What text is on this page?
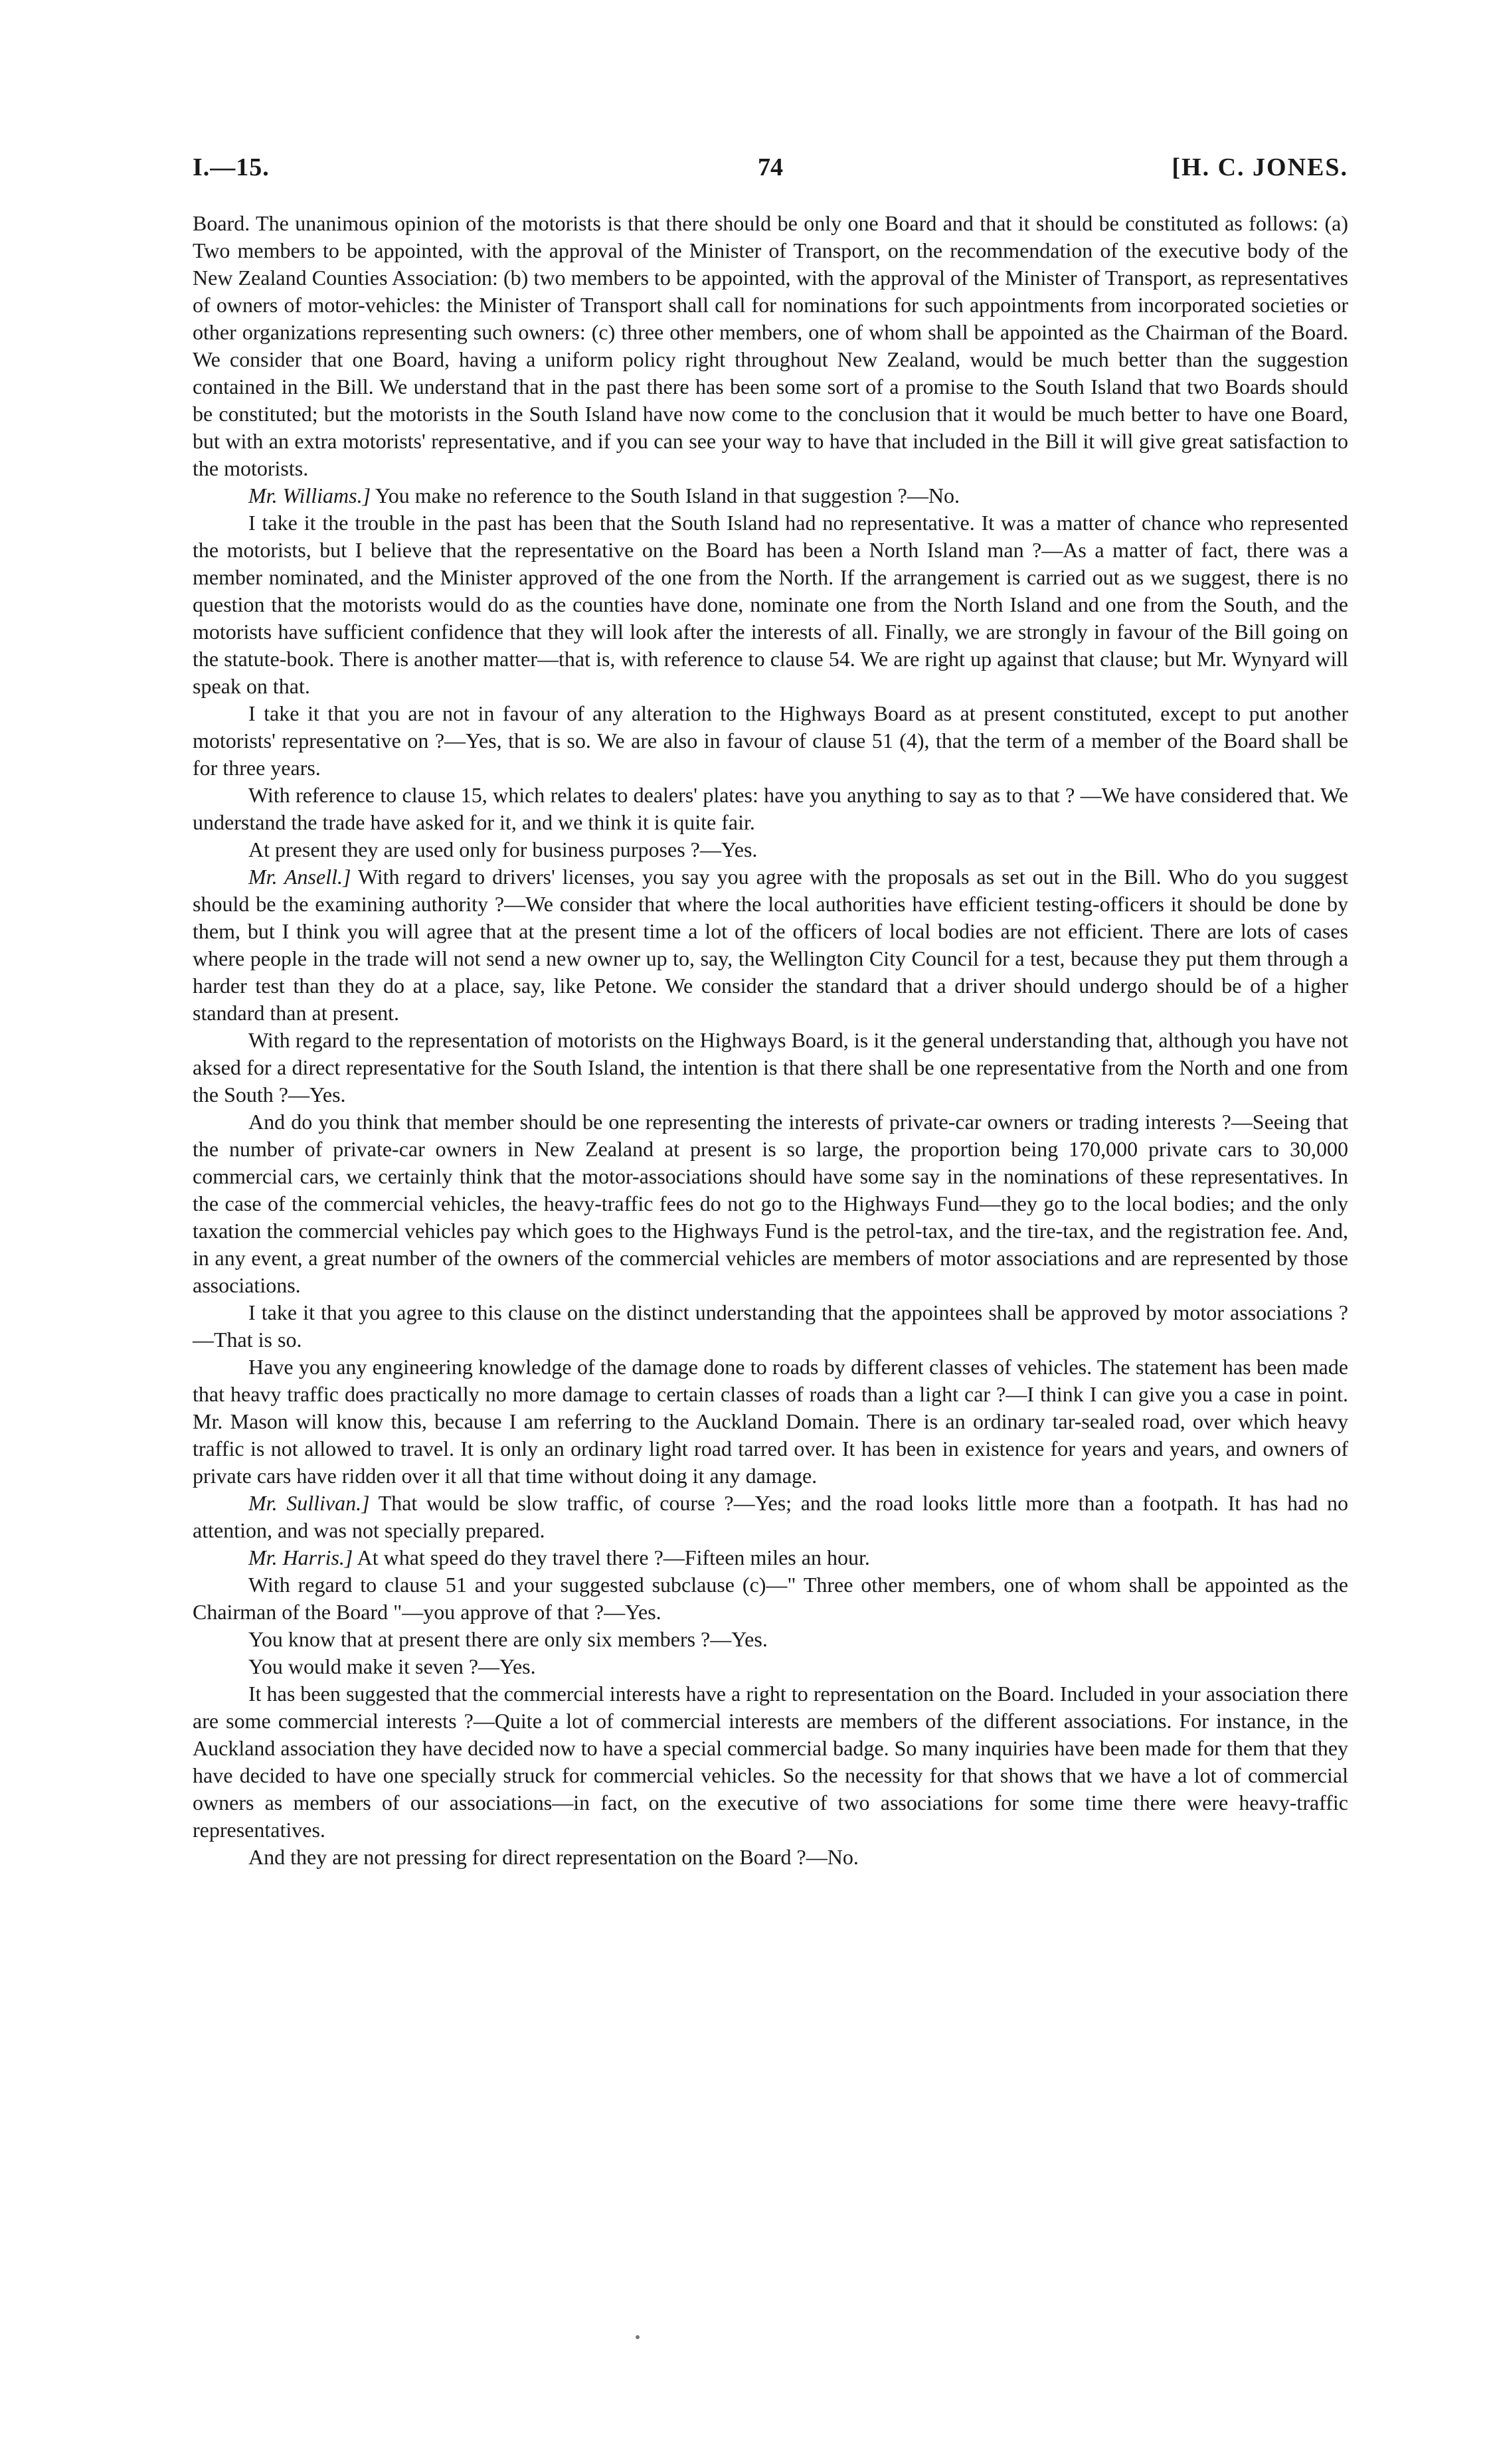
I.—15.	74	[H. C. JONES.

Board. The unanimous opinion of the motorists is that there should be only one Board and that it should be constituted as follows: (a) Two members to be appointed, with the approval of the Minister of Transport, on the recommendation of the executive body of the New Zealand Counties Association: (b) two members to be appointed, with the approval of the Minister of Transport, as representatives of owners of motor-vehicles: the Minister of Transport shall call for nominations for such appointments from incorporated societies or other organizations representing such owners: (c) three other members, one of whom shall be appointed as the Chairman of the Board. We consider that one Board, having a uniform policy right throughout New Zealand, would be much better than the suggestion contained in the Bill. We understand that in the past there has been some sort of a promise to the South Island that two Boards should be constituted; but the motorists in the South Island have now come to the conclusion that it would be much better to have one Board, but with an extra motorists' representative, and if you can see your way to have that included in the Bill it will give great satisfaction to the motorists.

Mr. Williams.] You make no reference to the South Island in that suggestion ?—No.

I take it the trouble in the past has been that the South Island had no representative. It was a matter of chance who represented the motorists, but I believe that the representative on the Board has been a North Island man ?—As a matter of fact, there was a member nominated, and the Minister approved of the one from the North. If the arrangement is carried out as we suggest, there is no question that the motorists would do as the counties have done, nominate one from the North Island and one from the South, and the motorists have sufficient confidence that they will look after the interests of all. Finally, we are strongly in favour of the Bill going on the statute-book. There is another matter—that is, with reference to clause 54. We are right up against that clause; but Mr. Wynyard will speak on that.

I take it that you are not in favour of any alteration to the Highways Board as at present constituted, except to put another motorists' representative on ?—Yes, that is so. We are also in favour of clause 51 (4), that the term of a member of the Board shall be for three years.

With reference to clause 15, which relates to dealers' plates: have you anything to say as to that ? —We have considered that. We understand the trade have asked for it, and we think it is quite fair.

At present they are used only for business purposes ?—Yes.

Mr. Ansell.] With regard to drivers' licenses, you say you agree with the proposals as set out in the Bill. Who do you suggest should be the examining authority ?—We consider that where the local authorities have efficient testing-officers it should be done by them, but I think you will agree that at the present time a lot of the officers of local bodies are not efficient. There are lots of cases where people in the trade will not send a new owner up to, say, the Wellington City Council for a test, because they put them through a harder test than they do at a place, say, like Petone. We consider the standard that a driver should undergo should be of a higher standard than at present.

With regard to the representation of motorists on the Highways Board, is it the general understanding that, although you have not aksed for a direct representative for the South Island, the intention is that there shall be one representative from the North and one from the South ?—Yes.

And do you think that member should be one representing the interests of private-car owners or trading interests ?—Seeing that the number of private-car owners in New Zealand at present is so large, the proportion being 170,000 private cars to 30,000 commercial cars, we certainly think that the motor-associations should have some say in the nominations of these representatives. In the case of the commercial vehicles, the heavy-traffic fees do not go to the Highways Fund—they go to the local bodies; and the only taxation the commercial vehicles pay which goes to the Highways Fund is the petrol-tax, and the tire-tax, and the registration fee. And, in any event, a great number of the owners of the commercial vehicles are members of motor associations and are represented by those associations.

I take it that you agree to this clause on the distinct understanding that the appointees shall be approved by motor associations ?—That is so.

Have you any engineering knowledge of the damage done to roads by different classes of vehicles. The statement has been made that heavy traffic does practically no more damage to certain classes of roads than a light car ?—I think I can give you a case in point. Mr. Mason will know this, because I am referring to the Auckland Domain. There is an ordinary tar-sealed road, over which heavy traffic is not allowed to travel. It is only an ordinary light road tarred over. It has been in existence for years and years, and owners of private cars have ridden over it all that time without doing it any damage.

Mr. Sullivan.] That would be slow traffic, of course ?—Yes; and the road looks little more than a footpath. It has had no attention, and was not specially prepared.

Mr. Harris.] At what speed do they travel there ?—Fifteen miles an hour.

With regard to clause 51 and your suggested subclause (c)—" Three other members, one of whom shall be appointed as the Chairman of the Board "—you approve of that ?—Yes.

You know that at present there are only six members ?—Yes.

You would make it seven ?—Yes.

It has been suggested that the commercial interests have a right to representation on the Board. Included in your association there are some commercial interests ?—Quite a lot of commercial interests are members of the different associations. For instance, in the Auckland association they have decided now to have a special commercial badge. So many inquiries have been made for them that they have decided to have one specially struck for commercial vehicles. So the necessity for that shows that we have a lot of commercial owners as members of our associations—in fact, on the executive of two associations for some time there were heavy-traffic representatives.

And they are not pressing for direct representation on the Board ?—No.
